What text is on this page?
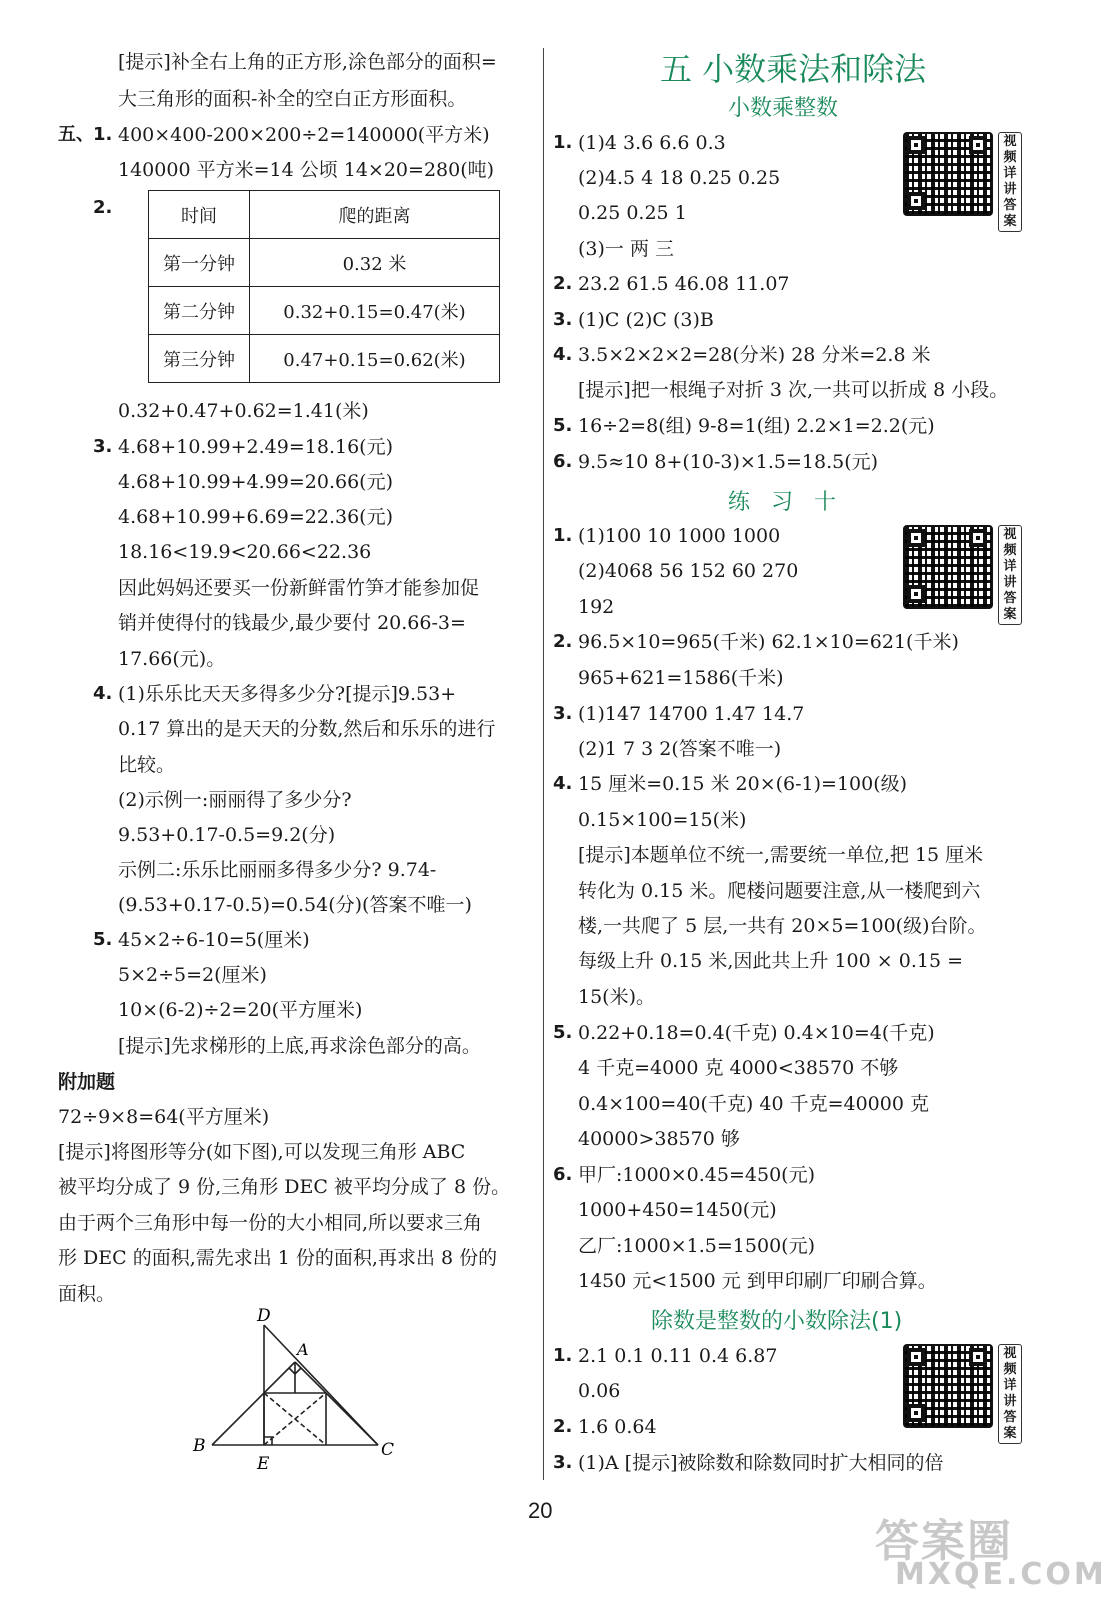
[提示]补全右上角的正方形,涂色部分的面积=
大三角形的面积-补全的空白正方形面积。
五、 1. 400×400-200×200÷2=140000(平方米)
140000 平方米=14 公顷 14×20=280(吨)
2.	时间	爬的距离
第一分钟	0.32 米
第二分钟	0.32+0.15=0.47(米)
第三分钟	0.47+0.15=0.62(米)
0.32+0.47+0.62=1.41(米)
3. 4.68+10.99+2.49=18.16(元)
4.68+10.99+4.99=20.66(元)
4.68+10.99+6.69=22.36(元)
18.16<19.9<20.66<22.36
因此妈妈还要买一份新鲜雷竹笋才能参加促
销并使得付的钱最少,最少要付 20.66-3=
17.66(元)。
4. (1)乐乐比天天多得多少分?[提示]9.53+
0.17 算出的是天天的分数,然后和乐乐的进行
比较。
(2)示例一:丽丽得了多少分?
9.53+0.17-0.5=9.2(分)
示例二:乐乐比丽丽多得多少分? 9.74-
(9.53+0.17-0.5)=0.54(分)(答案不唯一)
5. 45×2÷6-10=5(厘米)
5×2÷5=2(厘米)
10×(6-2)÷2=20(平方厘米)
[提示]先求梯形的上底,再求涂色部分的高。
附加题
72÷9×8=64(平方厘米)
[提示]将图形等分(如下图),可以发现三角形 ABC
被平均分成了 9 份,三角形 DEC 被平均分成了 8 份。
由于两个三角形中每一份的大小相同,所以要求三角
形 DEC 的面积,需先求出 1 份的面积,再求出 8 份的
面积。
D
A
B	C
E
五 小数乘法和除法
小数乘整数
视频详讲答案
1. (1)4 3.6 6.6 0.3
(2)4.5 4 18 0.25 0.25
0.25 0.25 1
(3)一 两 三
2. 23.2 61.5 46.08 11.07
3. (1)C (2)C (3)B
4. 3.5×2×2×2=28(分米) 28 分米=2.8 米
[提示]把一根绳子对折 3 次,一共可以折成 8 小段。
5. 16÷2=8(组) 9-8=1(组) 2.2×1=2.2(元)
6. 9.5≈10 8+(10-3)×1.5=18.5(元)
练 习 十
视频详讲答案
1. (1)100 10 1000 1000
(2)4068 56 152 60 270
192
2. 96.5×10=965(千米) 62.1×10=621(千米)
965+621=1586(千米)
3. (1)147 14700 1.47 14.7
(2)1 7 3 2(答案不唯一)
4. 15 厘米=0.15 米 20×(6-1)=100(级)
0.15×100=15(米)
[提示]本题单位不统一,需要统一单位,把 15 厘米
转化为 0.15 米。爬楼问题要注意,从一楼爬到六
楼,一共爬了 5 层,一共有 20×5=100(级)台阶。
每级上升 0.15 米,因此共上升 100 × 0.15 =
15(米)。
5. 0.22+0.18=0.4(千克) 0.4×10=4(千克)
4 千克=4000 克 4000<38570 不够
0.4×100=40(千克) 40 千克=40000 克
40000>38570 够
6. 甲厂:1000×0.45=450(元)
1000+450=1450(元)
乙厂:1000×1.5=1500(元)
1450 元<1500 元 到甲印刷厂印刷合算。
除数是整数的小数除法(1)
视频详讲答案
1. 2.1 0.1 0.11 0.4 6.87
0.06
2. 1.6 0.64
3. (1)A [提示]被除数和除数同时扩大相同的倍
20
答案圈
MXQE.COM
